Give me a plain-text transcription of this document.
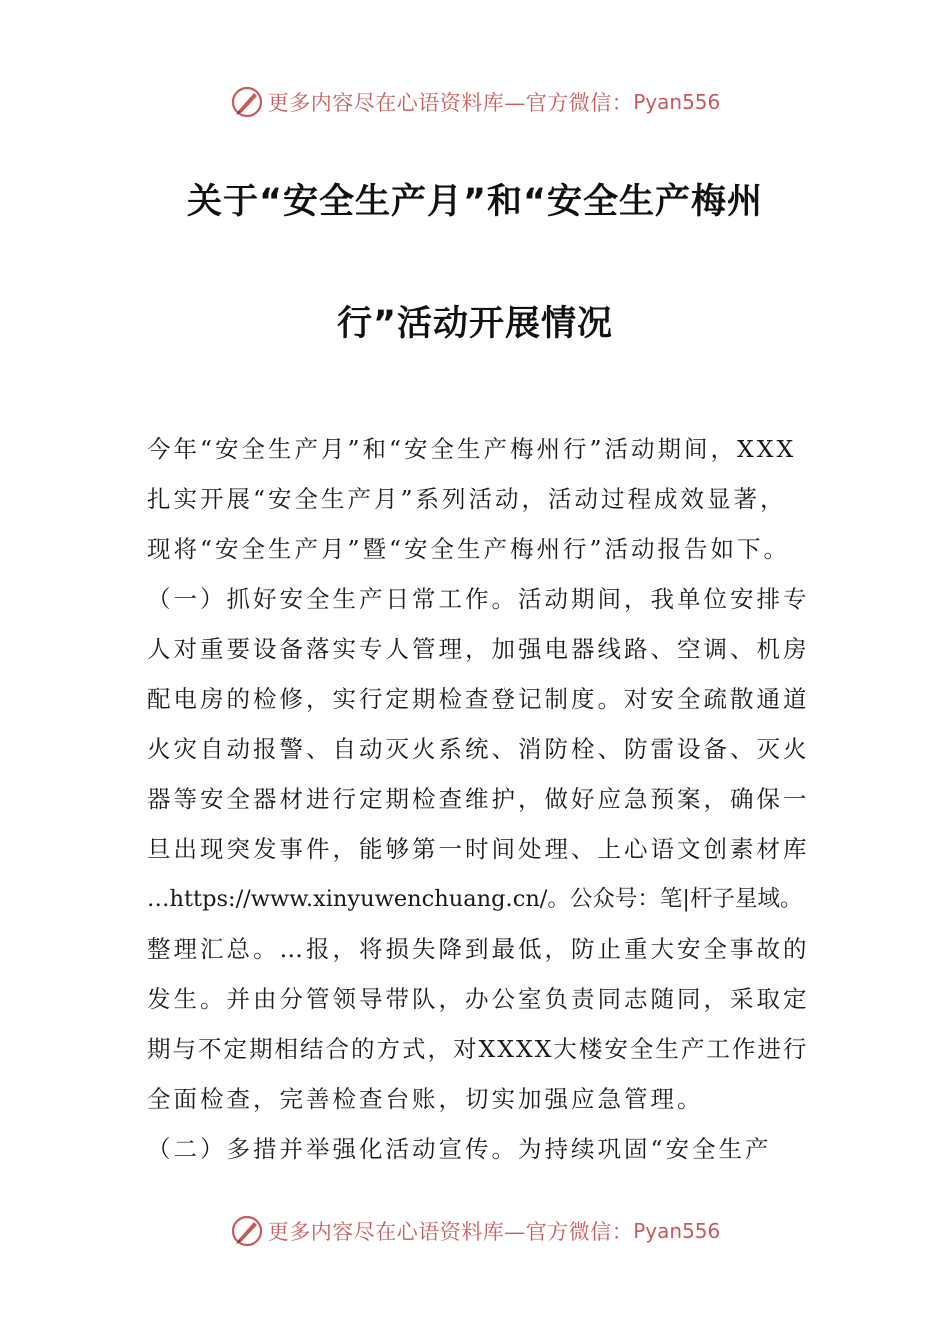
更多内容尽在心语资料库—官方微信： Pyan556
关于“安全生产月”和“安全生产梅州
行”活动开展情况
今年“安全生产月”和“安全生产梅州行”活动期间，XXX
扎实开展“安全生产月”系列活动，活动过程成效显著，
现将“安全生产月”暨“安全生产梅州行”活动报告如下。
（一）抓好安全生产日常工作。活动期间，我单位安排专
人对重要设备落实专人管理，加强电器线路、空调、机房
配电房的检修，实行定期检查登记制度。对安全疏散通道
火灾自动报警、自动灭火系统、消防栓、防雷设备、灭火
器等安全器材进行定期检查维护，做好应急预案，确保一
旦出现突发事件，能够第一时间处理、上心语文创素材库
…https://www.xinyuwenchuang.cn/。公众号：笔|杆子星域。
整理汇总。…报，将损失降到最低，防止重大安全事故的
发生。并由分管领导带队，办公室负责同志随同，采取定
期与不定期相结合的方式，对XXXX大楼安全生产工作进行
全面检查，完善检查台账，切实加强应急管理。
（二）多措并举强化活动宣传。为持续巩固“安全生产
更多内容尽在心语资料库—官方微信： Pyan556
